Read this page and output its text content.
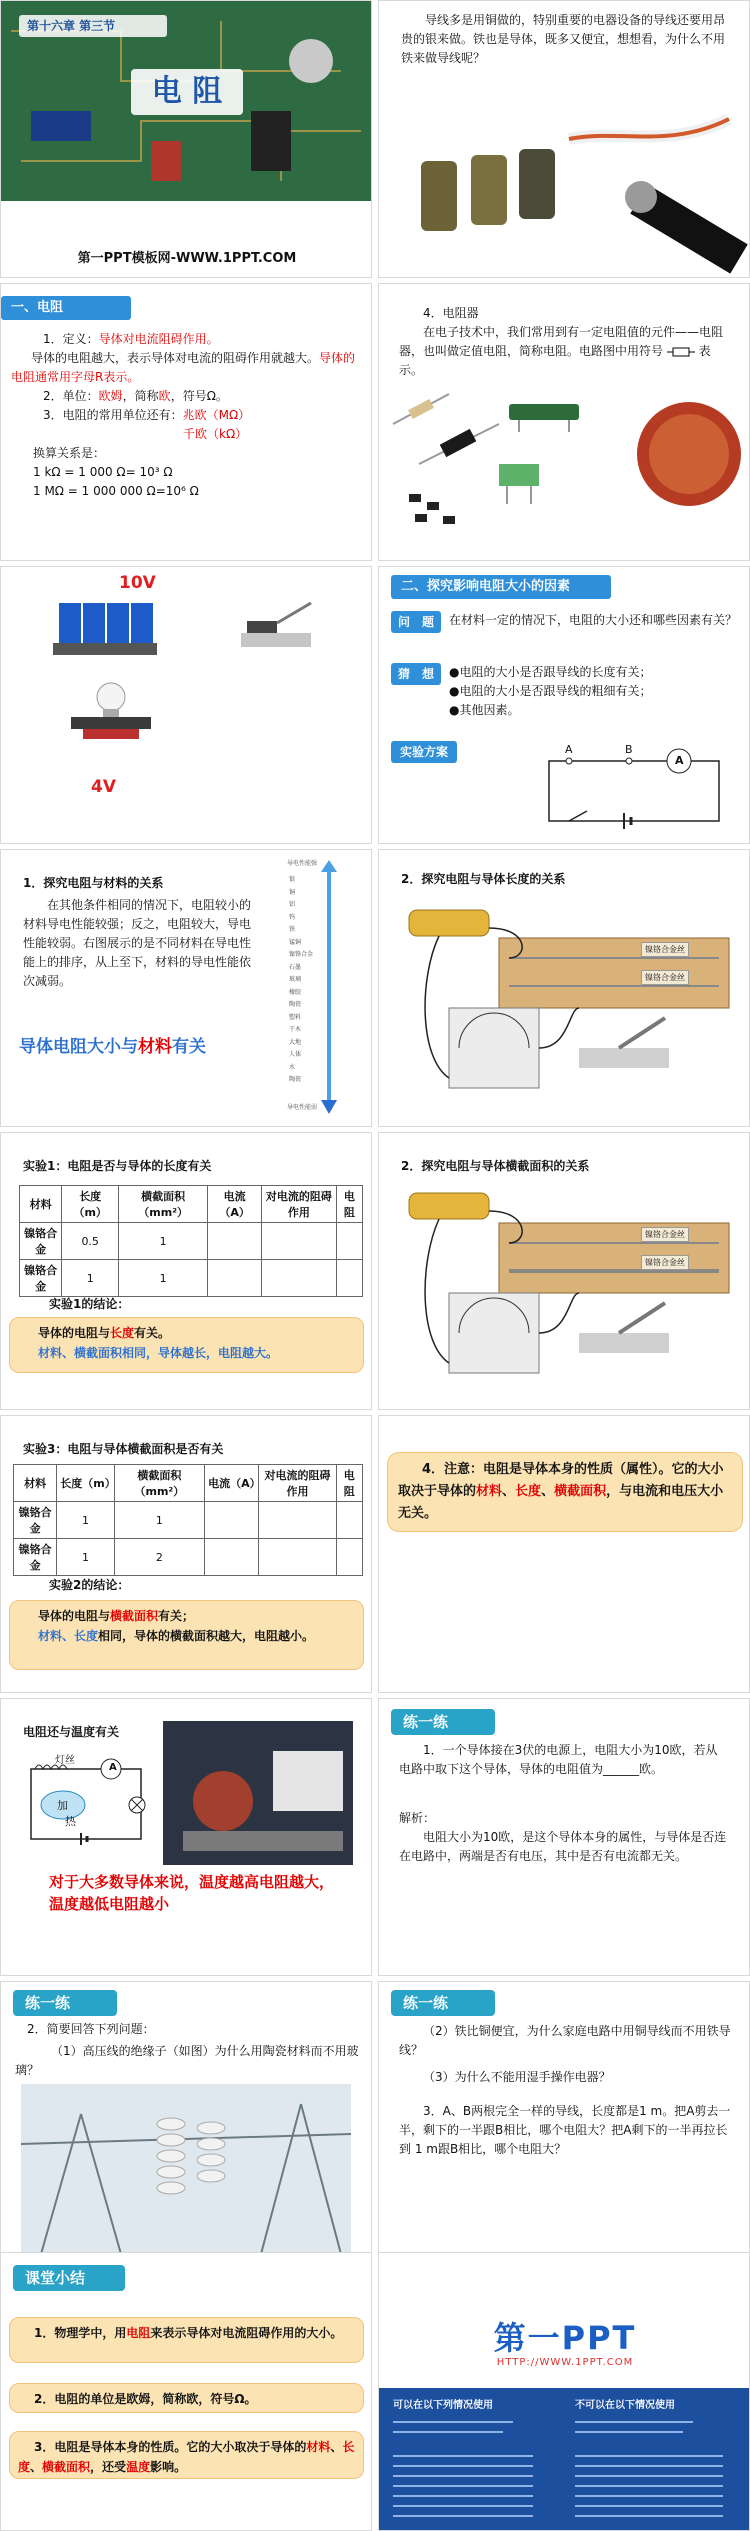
第十六章 第三节
电 阻
第一PPT模板网-WWW.1PPT.COM
导线多是用铜做的，特别重要的电器设备的导线还要用昂贵的银来做。铁也是导体，既多又便宜，想想看，为什么不用铁来做导线呢？
一、电阻
1．定义：导体对电流阻碍作用。
导体的电阻越大，表示导体对电流的阻碍作用就越大。导体的电阻通常用字母R表示。
2．单位：欧姆，简称欧，符号Ω。
3．电阻的常用单位还有：兆欧（MΩ）
千欧（kΩ）
换算关系是：
1 kΩ = 1 000 Ω= 10³ Ω
1 MΩ = 1 000 000 Ω=10⁶ Ω
4．电阻器
在电子技术中，我们常用到有一定电阻值的元件——电阻器，也叫做定值电阻，简称电阻。电路图中用符号	表示。
10V
4V
二、探究影响电阻大小的因素
问　题	在材料一定的情况下，电阻的大小还和哪些因素有关？
猜　想	●电阻的大小是否跟导线的长度有关；
●电阻的大小是否跟导线的粗细有关；
●其他因素。
实验方案	A	B
A
1．探究电阻与材料的关系
在其他条件相同的情况下，电阻较小的材料导电性能较强；反之，电阻较大，导电性能较弱。右图展示的是不同材料在导电性能上的排序，从上至下，材料的导电性能依次减弱。
导体电阻大小与材料有关
导电性能强
银
铜
铝
钨
铁
锰铜
镍铬合金
石墨
玻璃
橡胶
陶瓷
塑料
干木
大地
人体
水
陶瓷
导电性能弱
2．探究电阻与导体长度的关系
镍铬合金丝
镍铬合金丝
实验1：电阻是否与导体的长度有关
材料	长度（m）	横截面积（mm²）	电流（A）	对电流的阻碍作用	电阻
镍铬合金	0.5	1			
镍铬合金	1	1			
实验1的结论：
导体的电阻与长度有关。
材料、横截面积相同，导体越长，电阻越大。
2．探究电阻与导体横截面积的关系
镍铬合金丝
镍铬合金丝
实验3：电阻与导体横截面积是否有关
材料	长度（m）	横截面积（mm²）	电流（A）	对电流的阻碍作用	电阻
镍铬合金	1	1			
镍铬合金	1	2			
实验2的结论：
导体的电阻与横截面积有关；
材料、长度相同，导体的横截面积越大，电阻越小。
4．注意：电阻是导体本身的性质（属性）。它的大小取决于导体的材料、长度、横截面积，与电流和电压大小无关。
电阻还与温度有关
灯丝
A
加
热
对于大多数导体来说，温度越高电阻越大，温度越低电阻越小
练一练
1．一个导体接在3伏的电源上，电阻大小为10欧，若从电路中取下这个导体，导体的电阻值为______欧。
解析：
电阻大小为10欧，是这个导体本身的属性，与导体是否连在电路中，两端是否有电压，其中是否有电流都无关。
练一练
2．简要回答下列问题：
（1）高压线的绝缘子（如图）为什么用陶瓷材料而不用玻璃？
练一练
（2）铁比铜便宜，为什么家庭电路中用铜导线而不用铁导线？
（3）为什么不能用湿手操作电器？
3．A、B两根完全一样的导线，长度都是1 m。把A剪去一半，剩下的一半跟B相比，哪个电阻大？把A剩下的一半再拉长到 1 m跟B相比，哪个电阻大？
课堂小结
1．物理学中，用电阻来表示导体对电流阻碍作用的大小。
2．电阻的单位是欧姆，简称欧，符号Ω。
3．电阻是导体本身的性质。它的大小取决于导体的材料、长度、横截面积，还受温度影响。
第一PPT
HTTP://WWW.1PPT.COM
可以在以下列情况使用	不可以在以下情况使用
